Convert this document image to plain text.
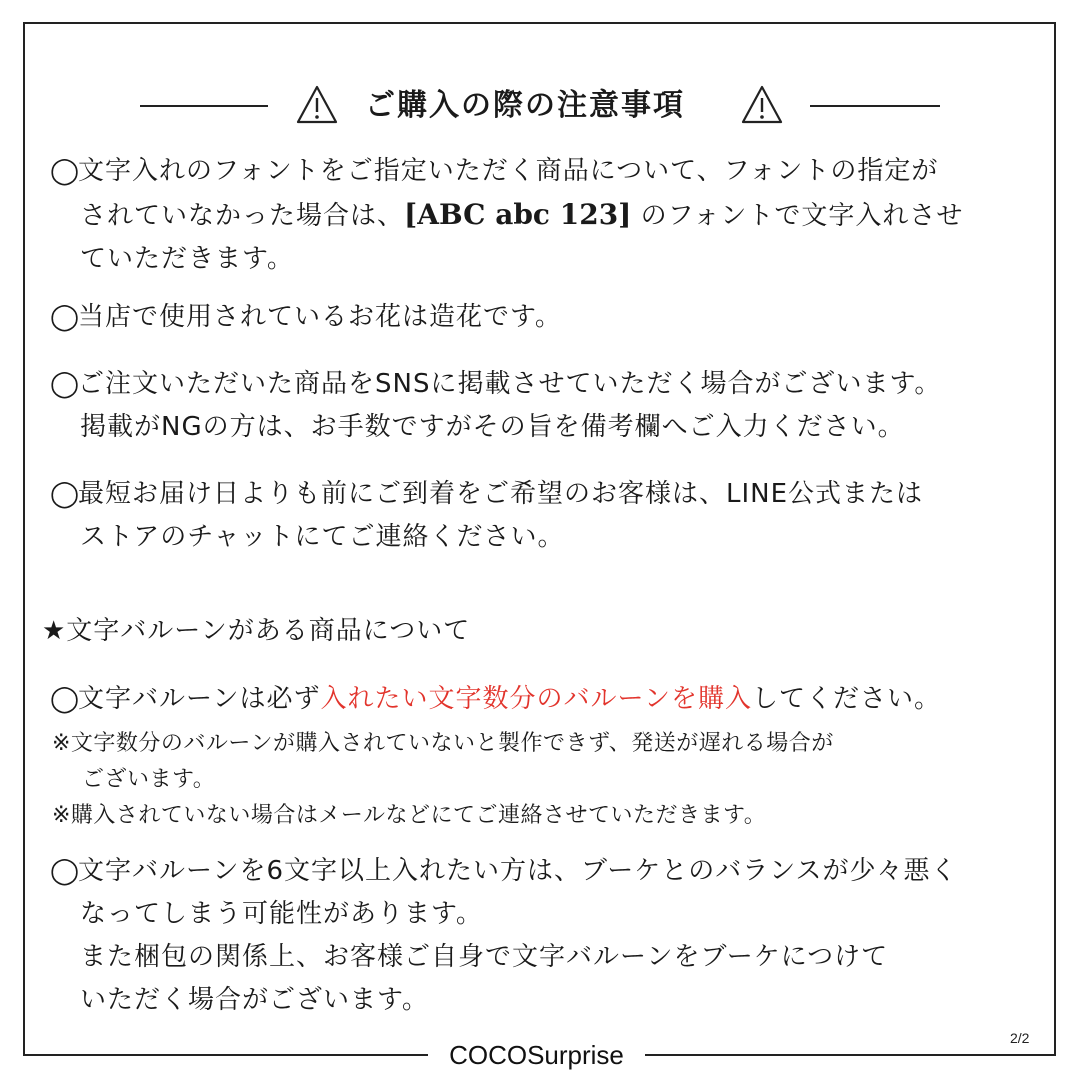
ご購入の際の注意事項
◯文字入れのフォントをご指定いただく商品について、フォントの指定が
されていなかった場合は、[ABC abc 123] のフォントで文字入れさせ
ていただきます。
◯当店で使用されているお花は造花です。
◯ご注文いただいた商品をSNSに掲載させていただく場合がございます。
掲載がNGの方は、お手数ですがその旨を備考欄へご入力ください。
◯最短お届け日よりも前にご到着をご希望のお客様は、LINE公式または
ストアのチャットにてご連絡ください。
★文字バルーンがある商品について
◯文字バルーンは必ず入れたい文字数分のバルーンを購入してください。
※文字数分のバルーンが購入されていないと製作できず、発送が遅れる場合が
ございます。
※購入されていない場合はメールなどにてご連絡させていただきます。
◯文字バルーンを6文字以上入れたい方は、ブーケとのバランスが少々悪く
なってしまう可能性があります。
また梱包の関係上、お客様ご自身で文字バルーンをブーケにつけて
いただく場合がございます。
COCOSurprise
2/2
